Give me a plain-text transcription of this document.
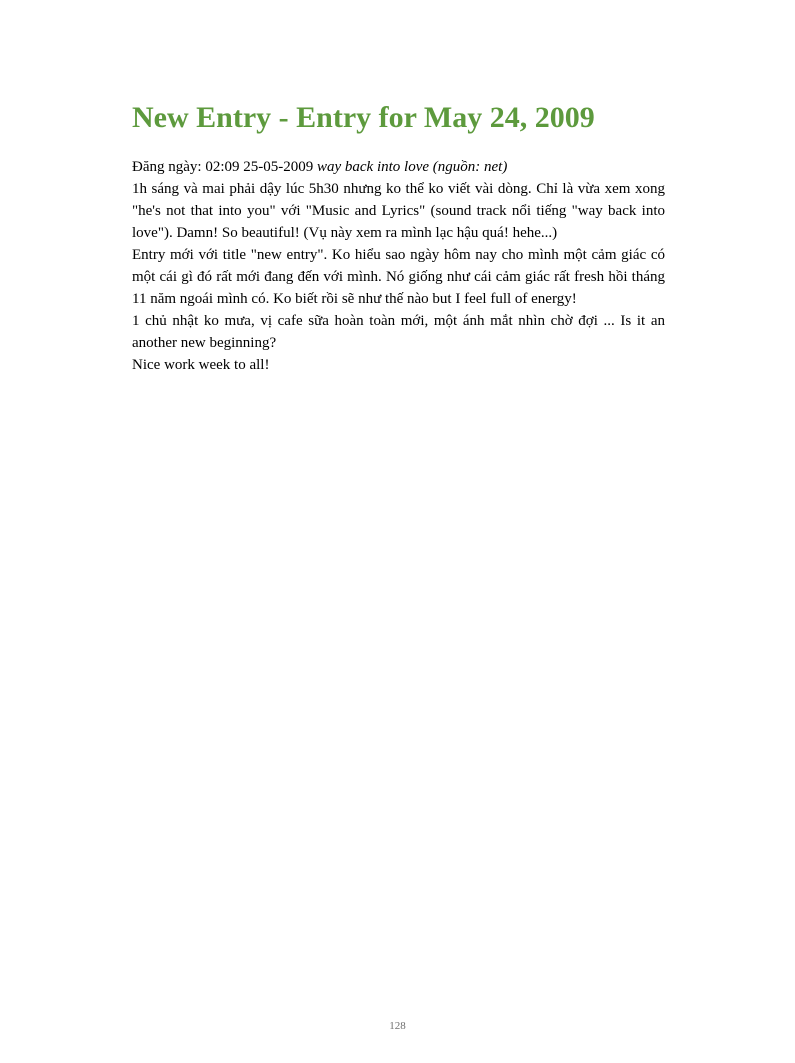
New Entry - Entry for May 24, 2009
Đăng ngày: 02:09 25-05-2009 way back into love (nguồn: net)

1h sáng và mai phải dậy lúc 5h30 nhưng ko thể ko viết vài dòng. Chỉ là vừa xem xong "he's not that into you" với "Music and Lyrics" (sound track nổi tiếng "way back into love"). Damn! So beautiful! (Vụ này xem ra mình lạc hậu quá! hehe...)

Entry mới với title "new entry". Ko hiểu sao ngày hôm nay cho mình một cảm giác có một cái gì đó rất mới đang đến với mình. Nó giống như cái cảm giác rất fresh hồi tháng 11 năm ngoái mình có. Ko biết rồi sẽ như thế nào but I feel full of energy!

1 chủ nhật ko mưa, vị cafe sữa hoàn toàn mới, một ánh mắt nhìn chờ đợi ... Is it an another new beginning?

Nice work week to all!

128
